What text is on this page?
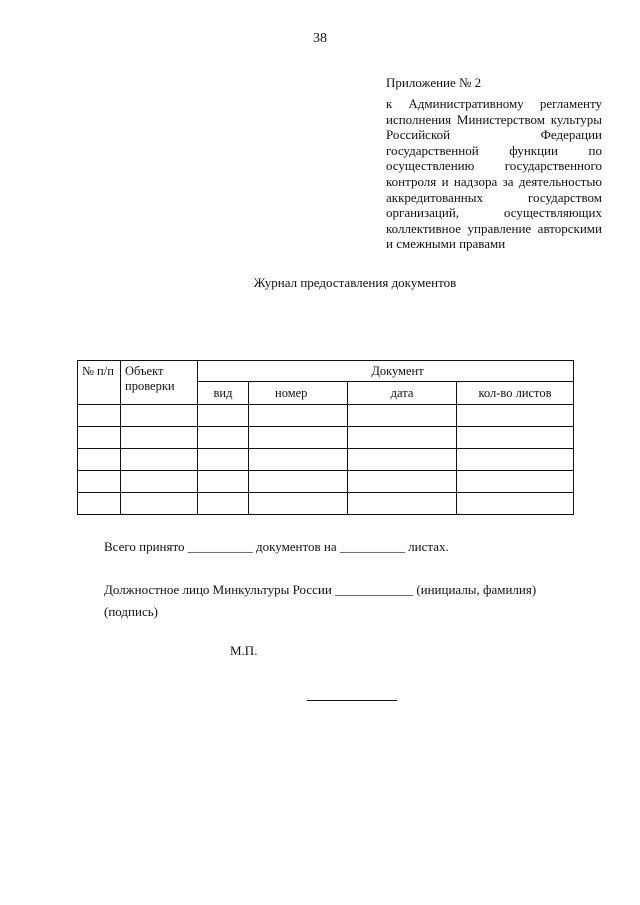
38
Приложение № 2
к Административному регламенту исполнения Министерством культуры Российской Федерации государственной функции по осуществлению государственного контроля и надзора за деятельностью аккредитованных государством организаций, осуществляющих коллективное управление авторскими и смежными правами
Журнал предоставления документов
№ п/п	Объект проверки	Документ			
		вид	номер	дата	кол-во листов

Всего принято __________ документов на __________ листах.
Должностное лицо Минкультуры России ____________ (инициалы, фамилия)
(подпись)
М.П.
